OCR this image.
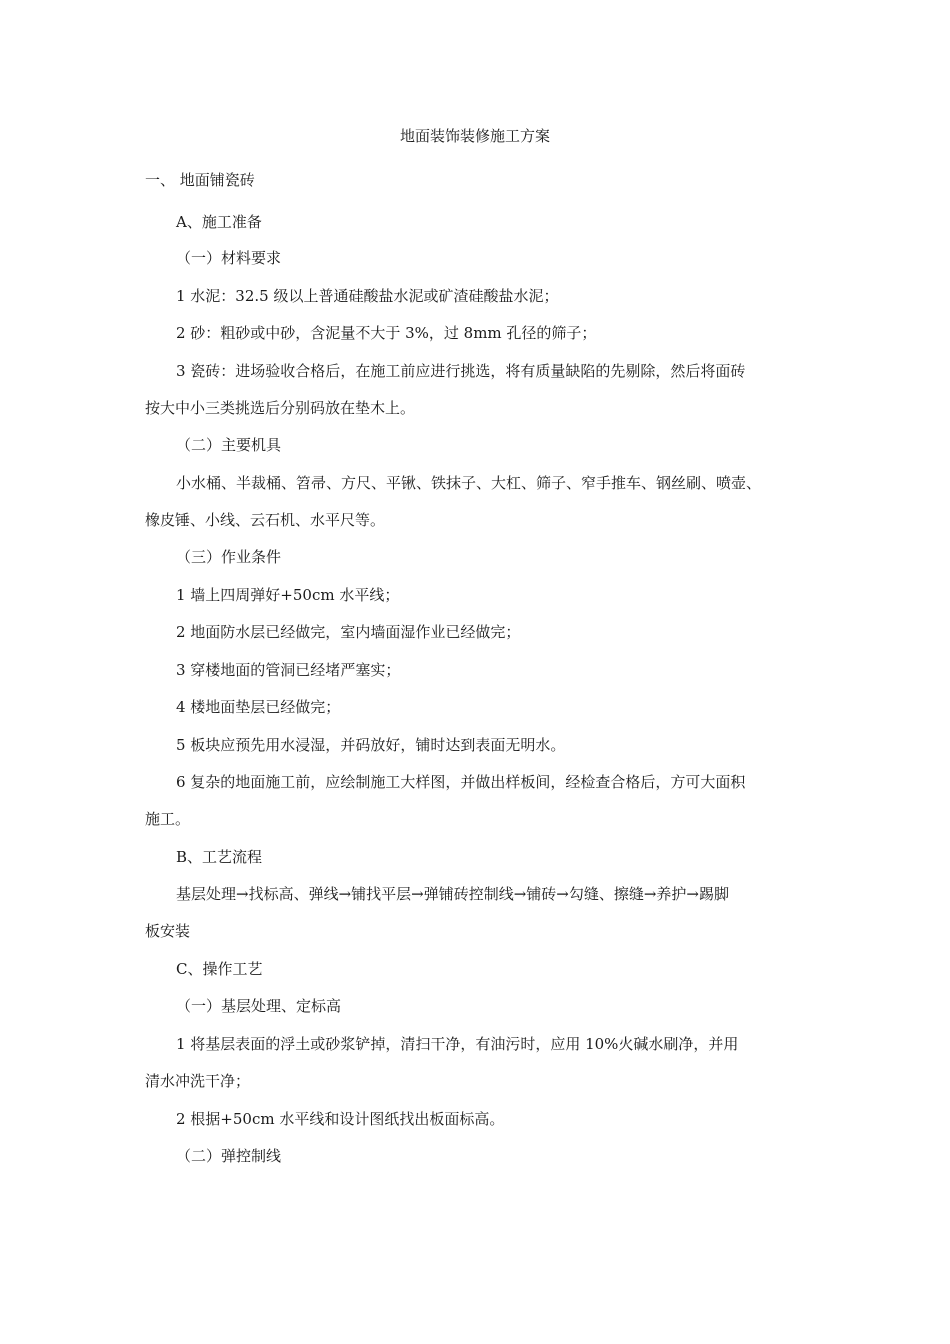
地面装饰装修施工方案

一、 地面铺瓷砖

A、施工准备

（一）材料要求

1 水泥：32.5 级以上普通硅酸盐水泥或矿渣硅酸盐水泥；

2 砂：粗砂或中砂，含泥量不大于 3%，过 8mm 孔径的筛子；

3 瓷砖：进场验收合格后，在施工前应进行挑选，将有质量缺陷的先剔除，然后将面砖

按大中小三类挑选后分别码放在垫木上。

（二）主要机具

小水桶、半裁桶、笤帚、方尺、平锹、铁抹子、大杠、筛子、窄手推车、钢丝刷、喷壶、

橡皮锤、小线、云石机、水平尺等。

（三）作业条件

1 墙上四周弹好+50cm 水平线；

2 地面防水层已经做完，室内墙面湿作业已经做完；

3 穿楼地面的管洞已经堵严塞实；

4 楼地面垫层已经做完；

5 板块应预先用水浸湿，并码放好，铺时达到表面无明水。

6 复杂的地面施工前，应绘制施工大样图，并做出样板间，经检查合格后，方可大面积

施工。

B、工艺流程

基层处理→找标高、弹线→铺找平层→弹铺砖控制线→铺砖→勾缝、擦缝→养护→踢脚

板安装

C、操作工艺

（一）基层处理、定标高

1 将基层表面的浮土或砂浆铲掉，清扫干净，有油污时，应用 10%火碱水刷净，并用

清水冲洗干净；

2 根据+50cm 水平线和设计图纸找出板面标高。

（二）弹控制线
